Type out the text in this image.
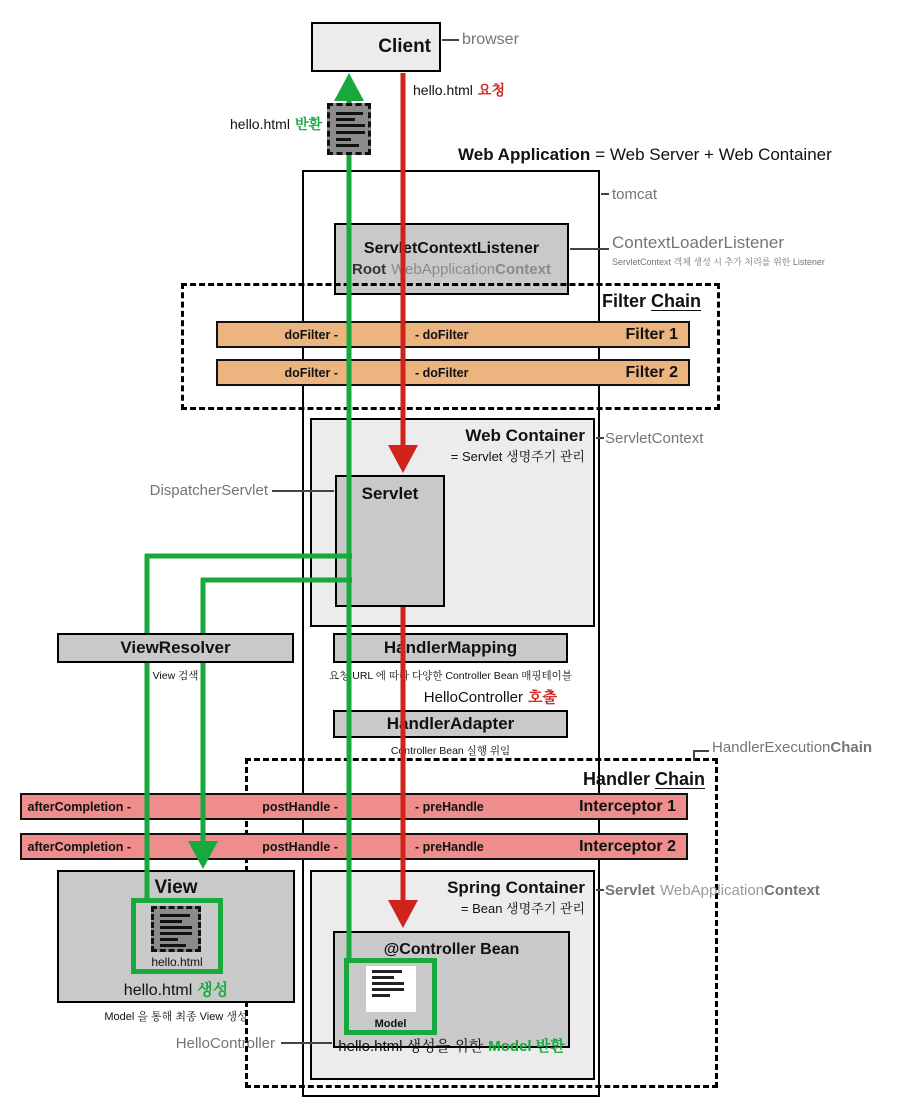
Client browser
hello.html 요청
hello.html 반환
Web Application = Web Server + Web Container
tomcat
ServletContextListener
Root WebApplicationContext
ContextLoaderListener
ServletContext 객체 생성 시 추가 처리를 위한 Listener
Filter Chain
doFilter -	- doFilter	Filter 1
doFilter -	- doFilter	Filter 2
Web Container
= Servlet 생명주기 관리
ServletContext
Servlet
DispatcherServlet
ViewResolver
View 검색
HandlerMapping
요청 URL 에 따라 다양한 Controller Bean 매핑테이블
HelloController 호출
HandlerAdapter
Controller Bean 실행 위임	HandlerExecutionChain
Handler Chain
afterCompletion -	postHandle -	- preHandle	Interceptor 1
afterCompletion -	postHandle -	- preHandle	Interceptor 2
View
hello.html
hello.html 생성
Model 을 통해 최종 View 생성
Spring Container
= Bean 생명주기 관리
Servlet WebApplicationContext
@Controller Bean
Model
hello.html 생성을 위한 Model 반환
HelloController
